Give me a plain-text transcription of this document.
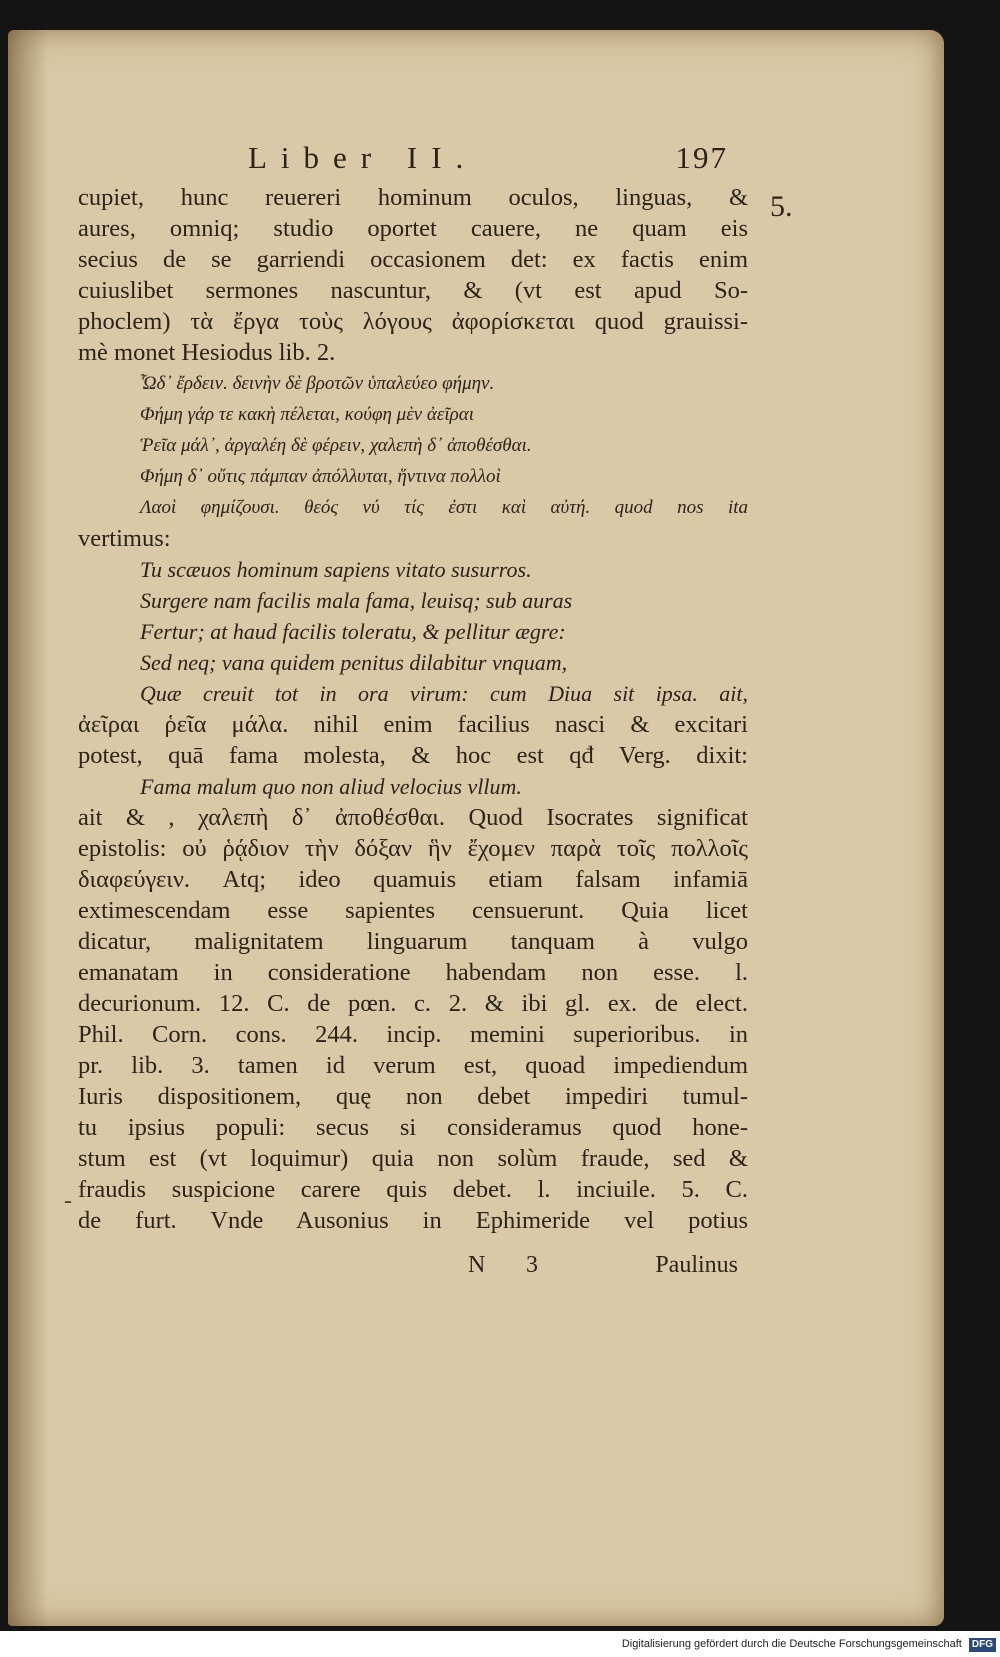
Liber II.	197
5.
-
cupiet, hunc reuereri hominum oculos, linguas, &
aures, omniq; studio oportet cauere, ne quam eis
secius de se garriendi occasionem det: ex factis enim
cuiuslibet sermones nascuntur, & (vt est apud So-
phoclem) τὰ ἔργα τοὺς λόγους ἀφορίσκεται quod grauissi-
mè monet Hesiodus lib. 2.
Ὧδ᾽ ἔρδειν. δεινὴν δὲ βροτῶν ὑπαλεύεο φήμην.
Φήμη γάρ τε κακὴ πέλεται, κούφη μὲν ἀεῖραι
Ῥεῖα μάλ᾽, ἀργαλέη δὲ φέρειν, χαλεπὴ δ᾽ ἀποθέσθαι.
Φήμη δ᾽ οὔτις πάμπαν ἀπόλλυται, ἥντινα πολλοὶ
Λαοὶ φημίζουσι. θεός νύ τίς ἐστι καὶ αὐτή. quod nos ita
vertimus:
Tu scæuos hominum sapiens vitato susurros.
Surgere nam facilis mala fama, leuisq; sub auras
Fertur; at haud facilis toleratu, & pellitur ægre:
Sed neq; vana quidem penitus dilabitur vnquam,
Quæ creuit tot in ora virum: cum Diua sit ipsa. ait,
ἀεῖραι ῥεῖα μάλα. nihil enim facilius nasci & excitari
potest, quā fama molesta, & hoc est qđ Verg. dixit:
Fama malum quo non aliud velocius vllum.
ait & , χαλεπὴ δ᾽ ἀποθέσθαι. Quod Isocrates significat
epistolis: οὐ ῥᾴδιον τὴν δόξαν ἣν ἔχομεν παρὰ τοῖς πολλοῖς
διαφεύγειν. Atq; ideo quamuis etiam falsam infamiā
extimescendam esse sapientes censuerunt. Quia licet
dicatur, malignitatem linguarum tanquam à vulgo
emanatam in consideratione habendam non esse. l.
decurionum. 12. C. de pœn. c. 2. & ibi gl. ex. de elect.
Phil. Corn. cons. 244. incip. memini superioribus. in
pr. lib. 3. tamen id verum est, quoad impediendum
Iuris dispositionem, quę non debet impediri tumul-
tu ipsius populi: secus si consideramus quod hone-
stum est (vt loquimur) quia non solùm fraude, sed &
fraudis suspicione carere quis debet. l. inciuile. 5. C.
de furt. Vnde Ausonius in Ephimeride vel potius
N 3	Paulinus
Digitalisierung gefördert durch die Deutsche Forschungsgemeinschaft DFG
